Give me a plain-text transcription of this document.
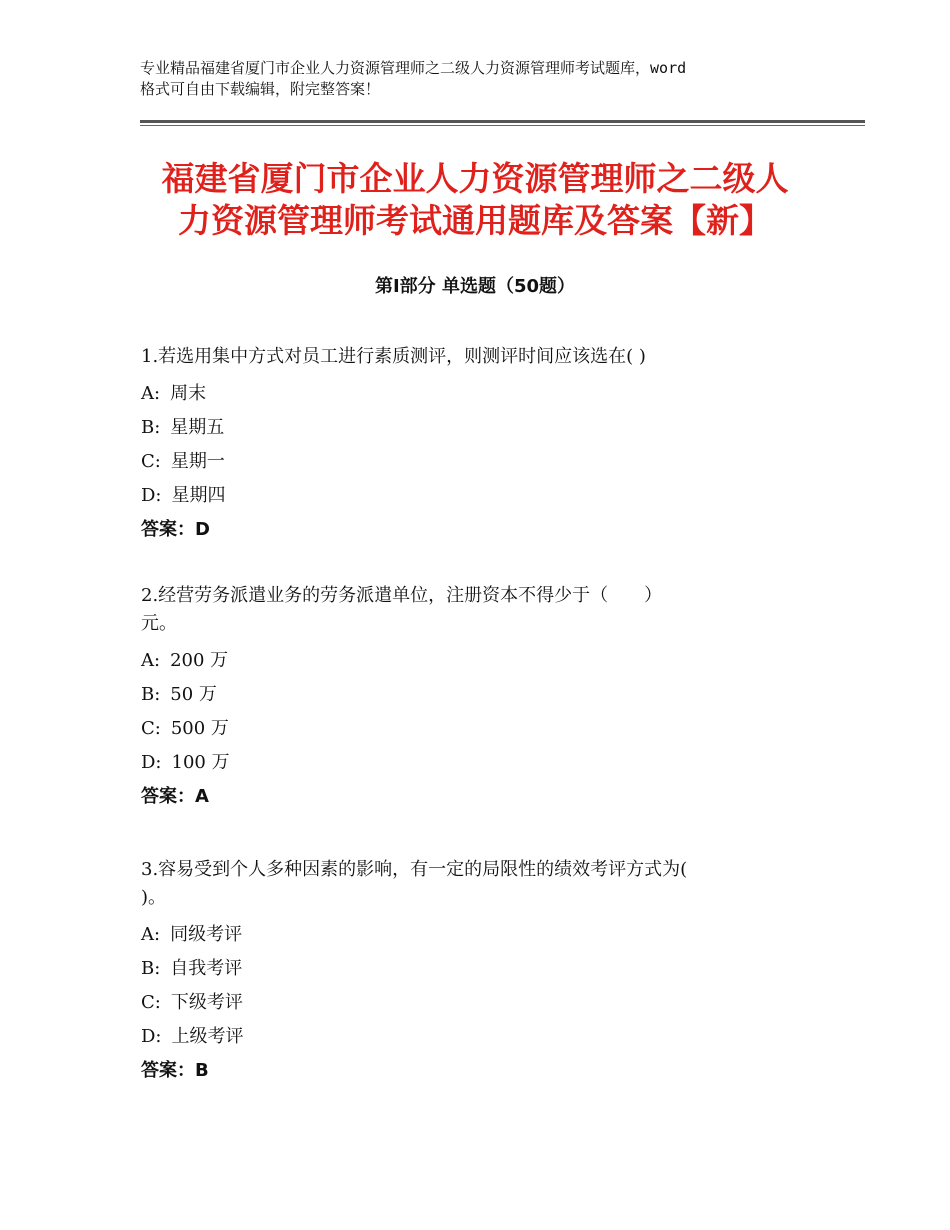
专业精品福建省厦门市企业人力资源管理师之二级人力资源管理师考试题库，word
格式可自由下载编辑，附完整答案！
福建省厦门市企业人力资源管理师之二级人
力资源管理师考试通用题库及答案【新】
第Ⅰ部分 单选题（50题）
1.若选用集中方式对员工进行素质测评，则测评时间应该选在( )
A: 周末
B: 星期五
C: 星期一
D: 星期四
答案：D
2.经营劳务派遣业务的劳务派遣单位，注册资本不得少于（　　）
元。
A: 200 万
B: 50 万
C: 500 万
D: 100 万
答案：A
3.容易受到个人多种因素的影响，有一定的局限性的绩效考评方式为(
)。
A: 同级考评
B: 自我考评
C: 下级考评
D: 上级考评
答案：B
